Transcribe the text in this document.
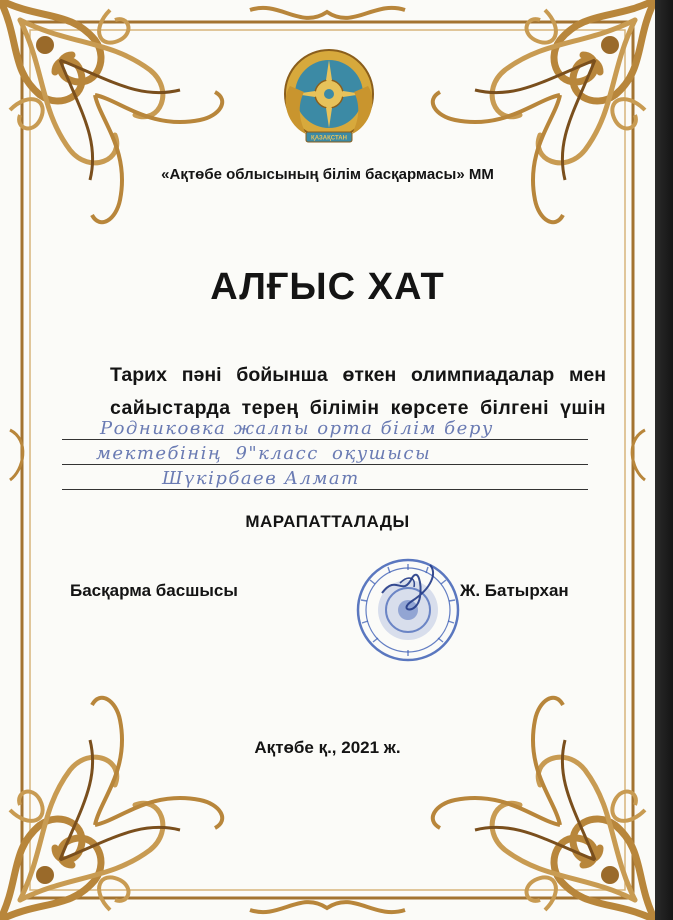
ҚАЗАҚСТАН
«Ақтөбе облысының білім басқармасы» ММ
АЛҒЫС ХАТ
Тарих пәні бойынша өткен олимпиадалар мен
сайыстарда терең білімін көрсете білгені үшін
Родниковка жалпы орта білім беру
мектебінің 9"класс оқушысы
Шүкірбаев Алмат
МАРАПАТТАЛАДЫ
Басқарма басшысы	Ж. Батырхан
Ақтөбе қ., 2021 ж.
